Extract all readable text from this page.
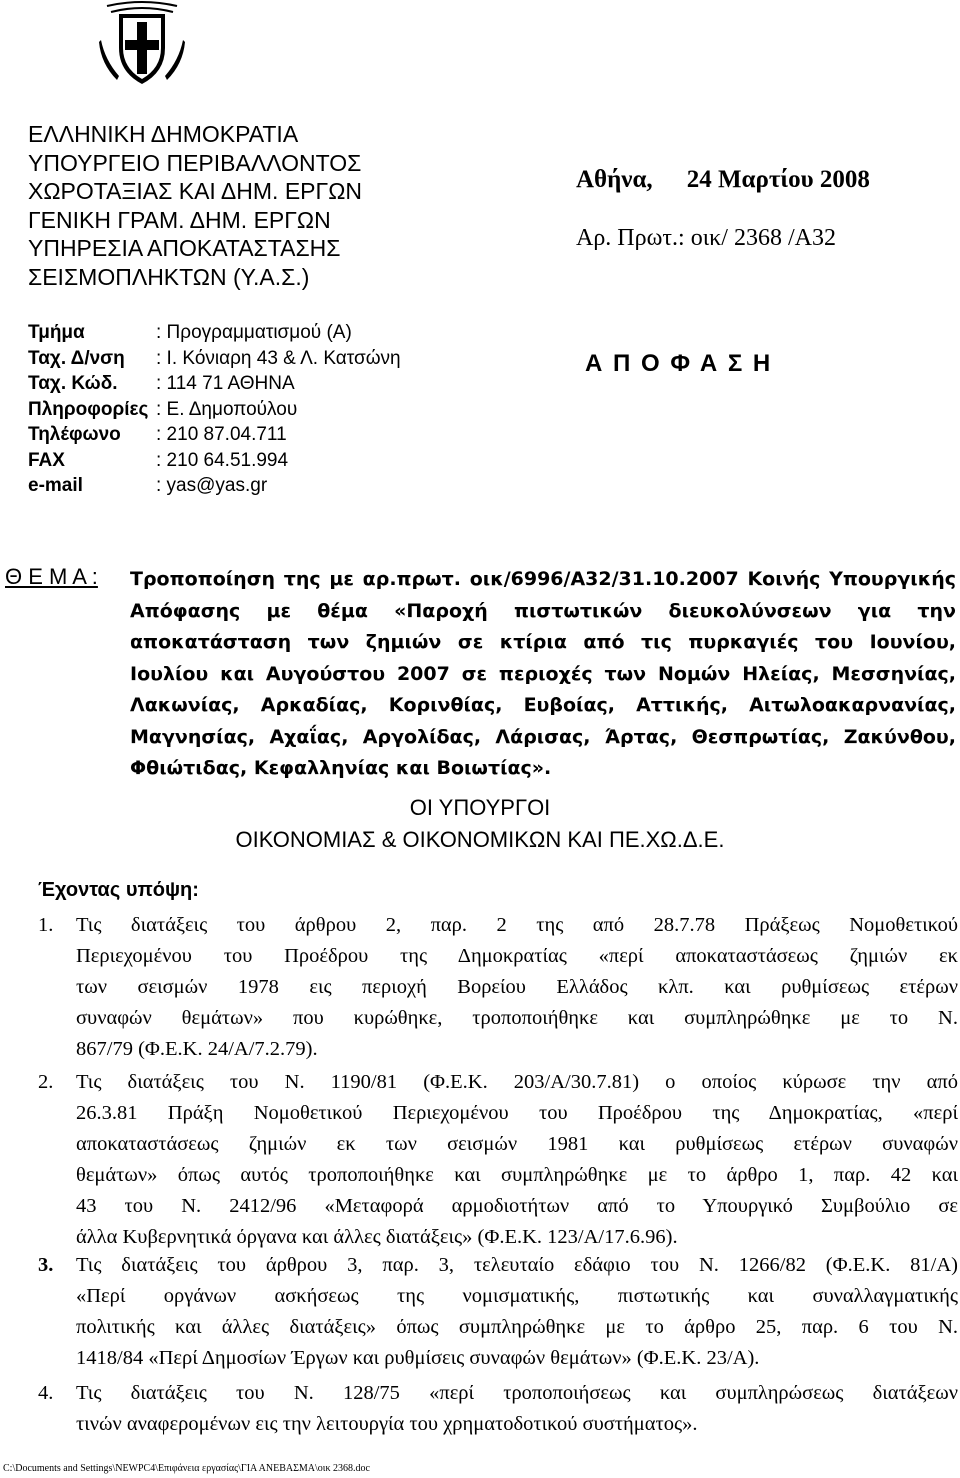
ΕΛΛΗΝΙΚΗ ΔΗΜΟΚΡΑΤΙΑ
ΥΠΟΥΡΓΕΙΟ ΠΕΡΙΒΑΛΛΟΝΤΟΣ
ΧΩΡΟΤΑΞΙΑΣ ΚΑΙ ΔΗΜ. ΕΡΓΩΝ
ΓΕΝΙΚΗ ΓΡΑΜ. ΔΗΜ. ΕΡΓΩΝ
ΥΠΗΡΕΣΙΑ ΑΠΟΚΑΤΑΣΤΑΣΗΣ
ΣΕΙΣΜΟΠΛΗΚΤΩΝ (Υ.Α.Σ.)
Αθήνα, 24 Μαρτίου 2008
Αρ. Πρωτ.: οικ/ 2368 /Α32
Α Π Ο Φ Α Σ Η
Τμήμα	: Προγραμματισμού (Α)
Ταχ. Δ/νση : Ι. Κόνιαρη 43 & Λ. Κατσώνη
Ταχ. Κώδ. : 114 71 ΑΘΗΝΑ
Πληροφορίες : Ε. Δημοπούλου
Τηλέφωνο : 210 87.04.711
FAX	: 210 64.51.994
e-mail	: yas@yas.gr
Θ Ε Μ Α : Τροποποίηση της με αρ.πρωτ. οικ/6996/Α32/31.10.2007 Κοινής Υπουργικής
Απόφασης με θέμα «Παροχή πιστωτικών διευκολύνσεων για την
αποκατάσταση των ζημιών σε κτίρια από τις πυρκαγιές του Ιουνίου,
Ιουλίου και Αυγούστου 2007 σε περιοχές των Νομών Ηλείας, Μεσσηνίας,
Λακωνίας, Αρκαδίας, Κορινθίας, Ευβοίας, Αττικής, Αιτωλοακαρνανίας,
Μαγνησίας, Αχαΐας, Αργολίδας, Λάρισας, Άρτας, Θεσπρωτίας, Ζακύνθου,
Φθιώτιδας, Κεφαλληνίας και Βοιωτίας».
ΟΙ ΥΠΟΥΡΓΟΙ
ΟΙΚΟΝΟΜΙΑΣ & ΟΙΚΟΝΟΜΙΚΩΝ ΚΑΙ ΠΕ.ΧΩ.Δ.Ε.
Έχοντας υπόψη:
1. Τις διατάξεις του άρθρου 2, παρ. 2 της από 28.7.78 Πράξεως Νομοθετικού
Περιεχομένου του Προέδρου της Δημοκρατίας «περί αποκαταστάσεως ζημιών εκ
των σεισμών 1978 εις περιοχή Βορείου Ελλάδος κλπ. και ρυθμίσεως ετέρων
συναφών θεμάτων» που κυρώθηκε, τροποποιήθηκε και συμπληρώθηκε με το Ν.
867/79 (Φ.Ε.Κ. 24/Α/7.2.79).
2. Τις διατάξεις του Ν. 1190/81 (Φ.Ε.Κ. 203/Α/30.7.81) ο οποίος κύρωσε την από
26.3.81 Πράξη Νομοθετικού Περιεχομένου του Προέδρου της Δημοκρατίας, «περί
αποκαταστάσεως ζημιών εκ των σεισμών 1981 και ρυθμίσεως ετέρων συναφών
θεμάτων» όπως αυτός τροποποιήθηκε και συμπληρώθηκε με το άρθρο 1, παρ. 42 και
43 του Ν. 2412/96 «Μεταφορά αρμοδιοτήτων από το Υπουργικό Συμβούλιο σε
άλλα Κυβερνητικά όργανα και άλλες διατάξεις» (Φ.Ε.Κ. 123/Α/17.6.96).
3. Τις διατάξεις του άρθρου 3, παρ. 3, τελευταίο εδάφιο του Ν. 1266/82 (Φ.Ε.Κ. 81/Α)
«Περί οργάνων ασκήσεως της νομισματικής, πιστωτικής και συναλλαγματικής
πολιτικής και άλλες διατάξεις» όπως συμπληρώθηκε με το άρθρο 25, παρ. 6 του Ν.
1418/84 «Περί Δημοσίων Έργων και ρυθμίσεις συναφών θεμάτων» (Φ.Ε.Κ. 23/Α).
4. Τις διατάξεις του Ν. 128/75 «περί τροποποιήσεως και συμπληρώσεως διατάξεων
τινών αναφερομένων εις την λειτουργία του χρηματοδοτικού συστήματος».
C:\Documents and Settings\NEWPC4\Επιφάνεια εργασίας\ΓΙΑ ΑΝΕΒΑΣΜΑ\οικ 2368.doc
